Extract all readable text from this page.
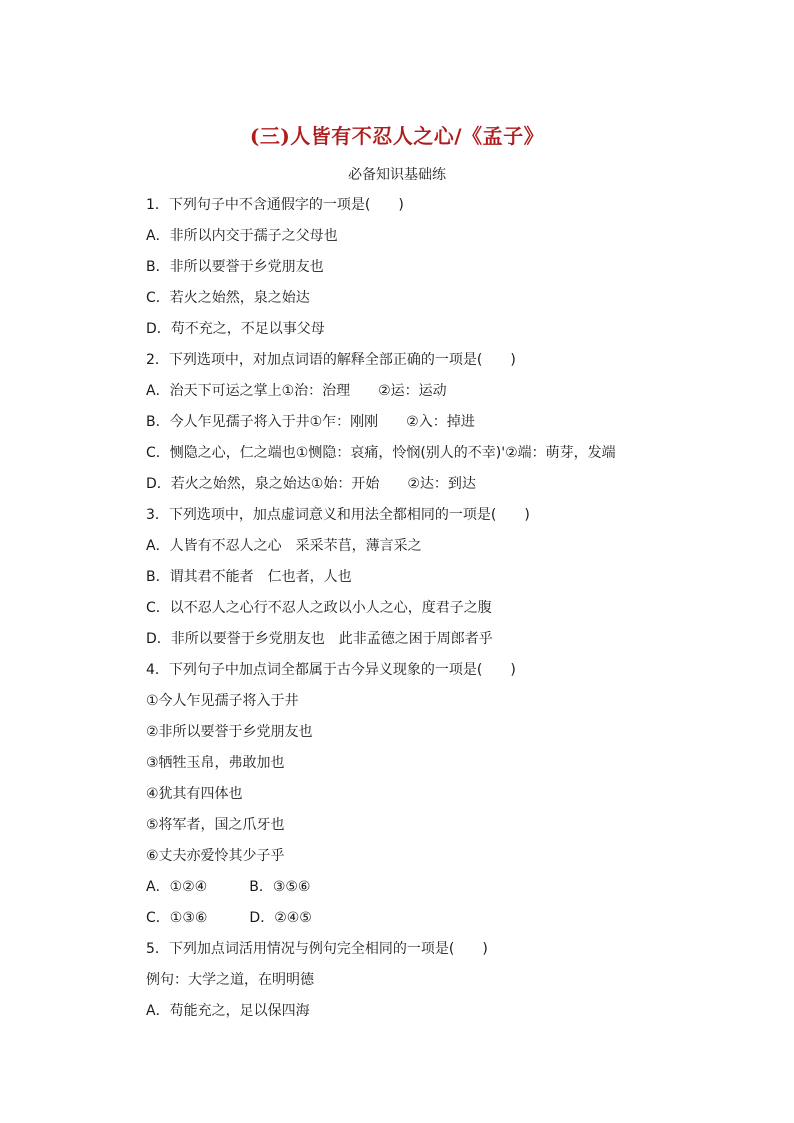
(三)人皆有不忍人之心/《孟子》
必备知识基础练
1．下列句子中不含通假字的一项是(　　)
A．非所以内交于孺子之父母也
B．非所以要誉于乡党朋友也
C．若火之始然，泉之始达
D．苟不充之，不足以事父母
2．下列选项中，对加点词语的解释全部正确的一项是(　　)
A．治天下可运之掌上①治：治理　　②运：运动
B．今人乍见孺子将入于井①乍：刚刚　　②入：掉进
C．恻隐之心，仁之端也①恻隐：哀痛，怜悯(别人的不幸)'②端：萌芽，发端
D．若火之始然，泉之始达①始：开始　　②达：到达
3．下列选项中，加点虚词意义和用法全都相同的一项是(　　)
A．人皆有不忍人之心　采采芣苢，薄言采之
B．谓其君不能者　仁也者，人也
C．以不忍人之心行不忍人之政以小人之心，度君子之腹
D．非所以要誉于乡党朋友也　此非孟德之困于周郎者乎
4．下列句子中加点词全都属于古今异义现象的一项是(　　)
①今人乍见孺子将入于井
②非所以要誉于乡党朋友也
③牺牲玉帛，弗敢加也
④犹其有四体也
⑤将军者，国之爪牙也
⑥丈夫亦爱怜其少子乎
A．①②④　　　B．③⑤⑥
C．①③⑥　　　D．②④⑤
5．下列加点词活用情况与例句完全相同的一项是(　　)
例句：大学之道，在明明德
A．苟能充之，足以保四海
